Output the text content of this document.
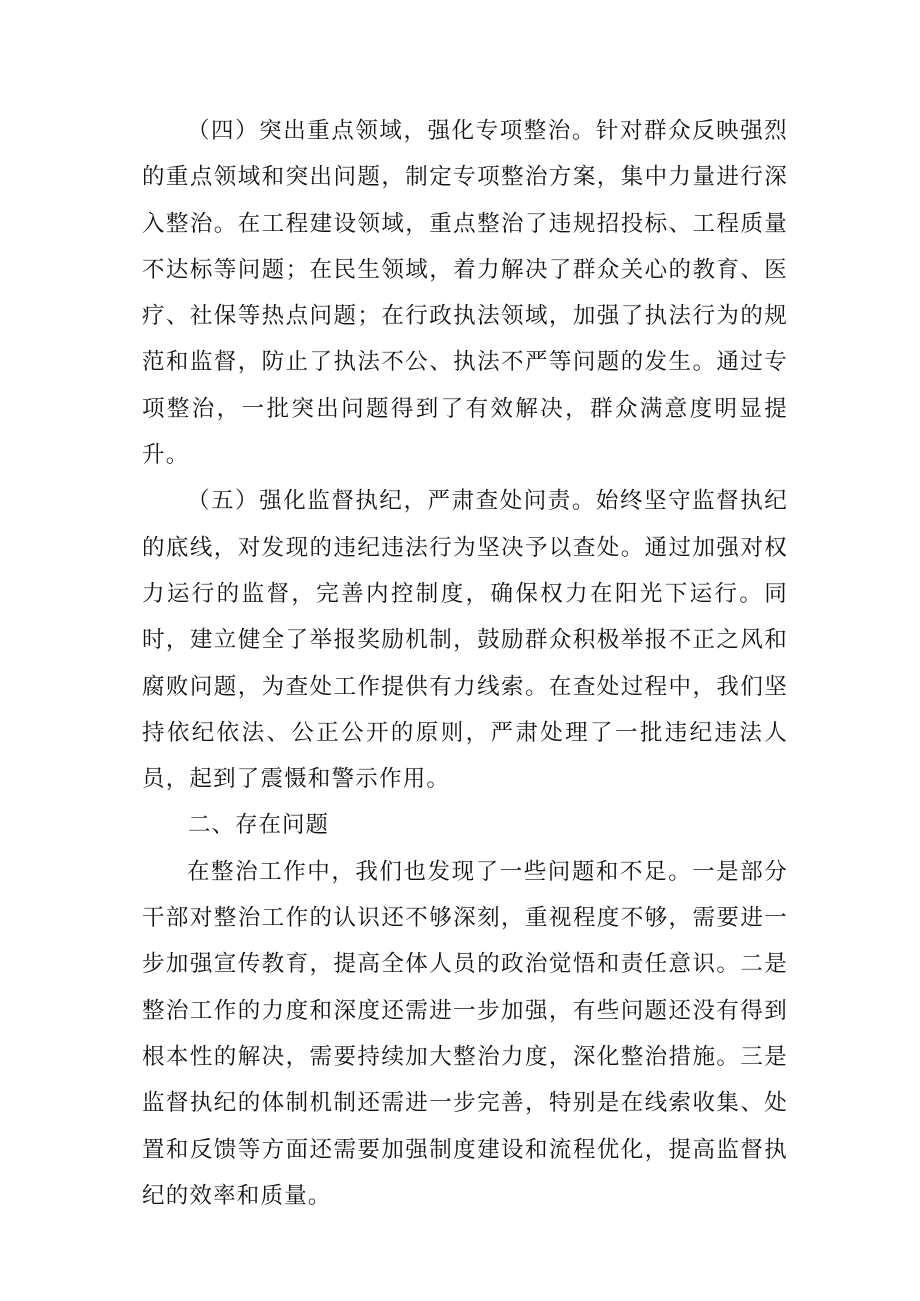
（四）突出重点领域，强化专项整治。针对群众反映强烈的重点领域和突出问题，制定专项整治方案，集中力量进行深入整治。在工程建设领域，重点整治了违规招投标、工程质量不达标等问题；在民生领域，着力解决了群众关心的教育、医疗、社保等热点问题；在行政执法领域，加强了执法行为的规范和监督，防止了执法不公、执法不严等问题的发生。通过专项整治，一批突出问题得到了有效解决，群众满意度明显提升。

（五）强化监督执纪，严肃查处问责。始终坚守监督执纪的底线，对发现的违纪违法行为坚决予以查处。通过加强对权力运行的监督，完善内控制度，确保权力在阳光下运行。同时，建立健全了举报奖励机制，鼓励群众积极举报不正之风和腐败问题，为查处工作提供有力线索。在查处过程中，我们坚持依纪依法、公正公开的原则，严肃处理了一批违纪违法人员，起到了震慑和警示作用。

二、存在问题

在整治工作中，我们也发现了一些问题和不足。一是部分干部对整治工作的认识还不够深刻，重视程度不够，需要进一步加强宣传教育，提高全体人员的政治觉悟和责任意识。二是整治工作的力度和深度还需进一步加强，有些问题还没有得到根本性的解决，需要持续加大整治力度，深化整治措施。三是监督执纪的体制机制还需进一步完善，特别是在线索收集、处置和反馈等方面还需要加强制度建设和流程优化，提高监督执纪的效率和质量。
